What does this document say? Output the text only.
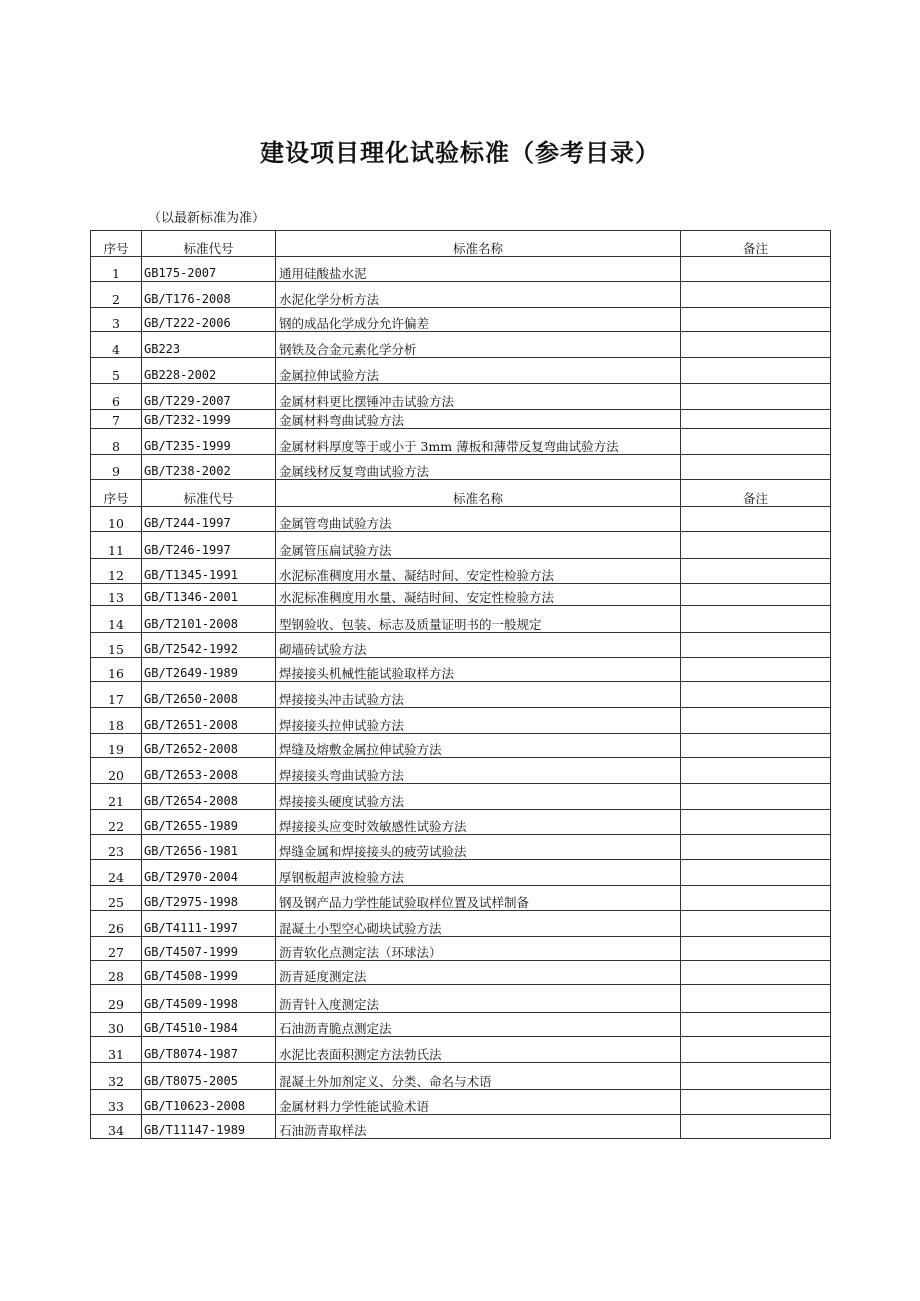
建设项目理化试验标准（参考目录）
（以最新标准为准）
序号	标准代号	标准名称	备注
1	GB175-2007	通用硅酸盐水泥	
2	GB/T176-2008	水泥化学分析方法	
3	GB/T222-2006	钢的成品化学成分允许偏差	
4	GB223	钢铁及合金元素化学分析	
5	GB228-2002	金属拉伸试验方法	
6	GB/T229-2007	金属材料更比摆锤冲击试验方法	
7	GB/T232-1999	金属材料弯曲试验方法	
8	GB/T235-1999	金属材料厚度等于或小于 3mm 薄板和薄带反复弯曲试验方法	
9	GB/T238-2002	金属线材反复弯曲试验方法	
序号	标准代号	标准名称	备注
10	GB/T244-1997	金属管弯曲试验方法	
11	GB/T246-1997	金属管压扁试验方法	
12	GB/T1345-1991	水泥标准稠度用水量、凝结时间、安定性检验方法	
13	GB/T1346-2001	水泥标准稠度用水量、凝结时间、安定性检验方法	
14	GB/T2101-2008	型钢验收、包装、标志及质量证明书的一般规定	
15	GB/T2542-1992	砌墙砖试验方法	
16	GB/T2649-1989	焊接接头机械性能试验取样方法	
17	GB/T2650-2008	焊接接头冲击试验方法	
18	GB/T2651-2008	焊接接头拉伸试验方法	
19	GB/T2652-2008	焊缝及熔敷金属拉伸试验方法	
20	GB/T2653-2008	焊接接头弯曲试验方法	
21	GB/T2654-2008	焊接接头硬度试验方法	
22	GB/T2655-1989	焊接接头应变时效敏感性试验方法	
23	GB/T2656-1981	焊缝金属和焊接接头的疲劳试验法	
24	GB/T2970-2004	厚钢板超声波检验方法	
25	GB/T2975-1998	钢及钢产品力学性能试验取样位置及试样制备	
26	GB/T4111-1997	混凝土小型空心砌块试验方法	
27	GB/T4507-1999	沥青软化点测定法（环球法）	
28	GB/T4508-1999	沥青延度测定法	
29	GB/T4509-1998	沥青针入度测定法	
30	GB/T4510-1984	石油沥青脆点测定法	
31	GB/T8074-1987	水泥比表面积测定方法勃氏法	
32	GB/T8075-2005	混凝土外加剂定义、分类、命名与术语	
33	GB/T10623-2008	金属材料力学性能试验术语	
34	GB/T11147-1989	石油沥青取样法	
